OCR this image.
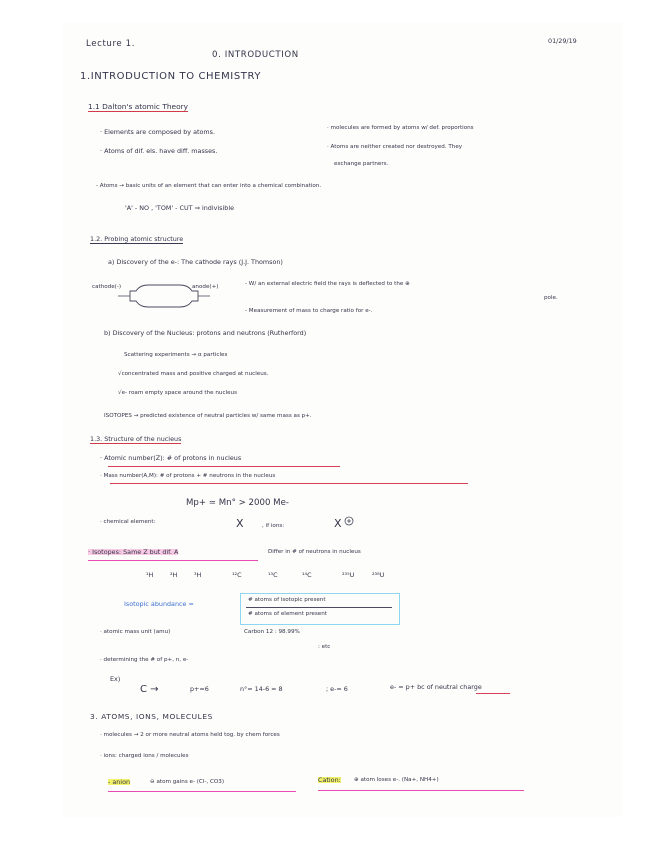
Lecture 1.
0. INTRODUCTION
01/29/19
1.INTRODUCTION TO CHEMISTRY
1.1 Dalton's atomic Theory
· Elements are composed by atoms.
· Atoms of dif. els. have diff. masses.
· molecules are formed by atoms w/ def. proportions
· Atoms are neither created nor destroyed. They
exchange partners.
- Atoms → basic units of an element that can enter into a chemical combination.
'A' - NO , 'TOM' - CUT ⇒ indivisible
1.2. Probing atomic structure
a) Discovery of the e-: The cathode rays (J.J. Thomson)
cathode(-)	anode(+)	- W/ an external electric field the rays is deflected to the ⊕
pole.
- Measurement of mass to charge ratio for e-.
b) Discovery of the Nucleus: protons and neutrons (Rutherford)
Scattering experiments → α particles
√concentrated mass and positive charged at nucleus.
√e- roam empty space around the nucleus
ISOTOPES → predicted existence of neutral particles w/ same mass as p+.
1.3. Structure of the nucleus
· Atomic number(Z): # of protons in nucleus
· Mass number(A,M): # of protons + # neutrons in the nucleus
Mp+ ≃ Mn° > 2000 Me-
· chemical element:	X	, if ions:	X
· Isotopes: Same Z but dif. A	Differ in # of neutrons in nucleus
¹H	²H	³H	¹²C	¹³C	¹⁴C	²³⁵U	²³⁸U
Isotopic abundance =	# atoms of isotopic present
# atoms of element present
· atomic mass unit (amu)	Carbon 12 : 98.99%
: etc
· determining the # of p+, n, e-
Ex)
C →	p+=6	n°= 14-6 = 8	; e-= 6	e- = p+ bc of neutral charge
3. ATOMS, IONS, MOLECULES
· molecules → 2 or more neutral atoms held tog. by chem forces
· ions: charged ions / molecules
- anion	⊖ atom gains e- (Cl-, CO3)	Cation: ⊕ atom loses e-. (Na+, NH4+)
